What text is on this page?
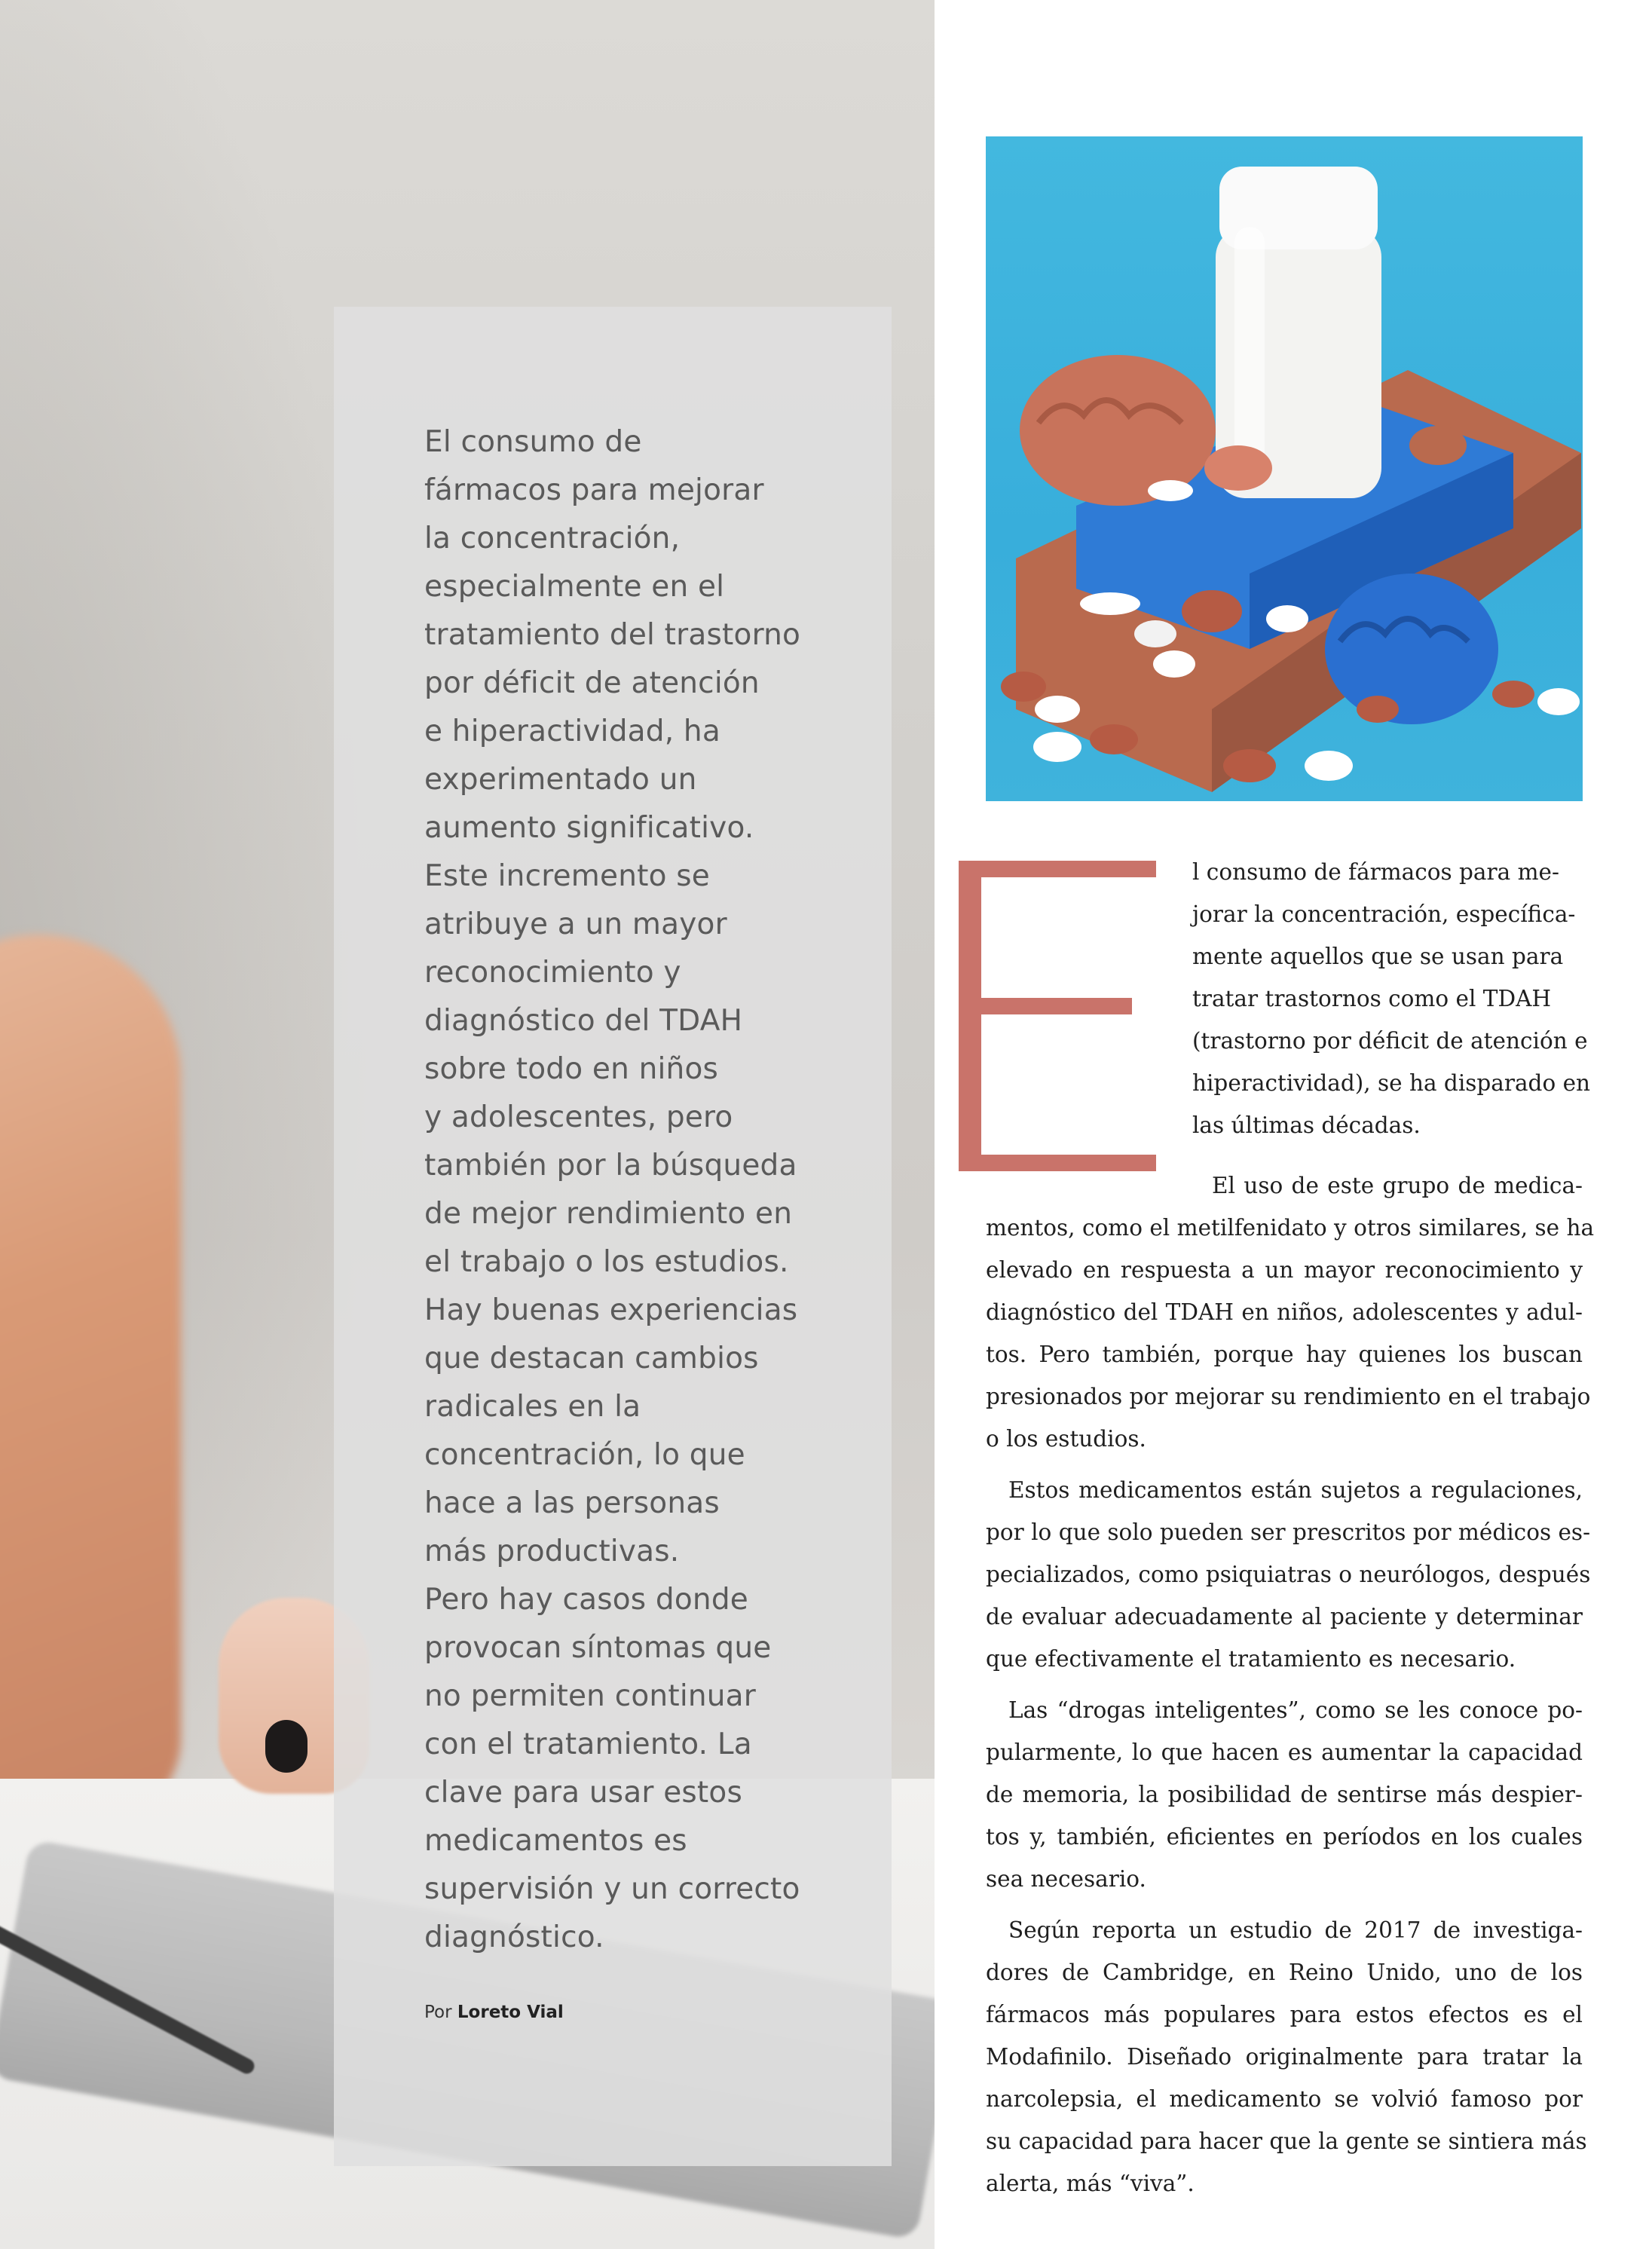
El consumo de
fármacos para mejorar
la concentración,
especialmente en el
tratamiento del trastorno
por déficit de atención
e hiperactividad, ha
experimentado un
aumento significativo.
Este incremento se
atribuye a un mayor
reconocimiento y
diagnóstico del TDAH
sobre todo en niños
y adolescentes, pero
también por la búsqueda
de mejor rendimiento en
el trabajo o los estudios.
Hay buenas experiencias
que destacan cambios
radicales en la
concentración, lo que
hace a las personas
más productivas.
Pero hay casos donde
provocan síntomas que
no permiten continuar
con el tratamiento. La
clave para usar estos
medicamentos es
supervisión y un correcto
diagnóstico.

Por Loreto Vial

l consumo de fármacos para me-
jorar la concentración, específica-
mente aquellos que se usan para
tratar trastornos como el TDAH
(trastorno por déficit de atención e
hiperactividad), se ha disparado en
las últimas décadas.
El uso de este grupo de medica-
mentos, como el metilfenidato y otros similares, se ha
elevado en respuesta a un mayor reconocimiento y
diagnóstico del TDAH en niños, adolescentes y adul-
tos. Pero también, porque hay quienes los buscan
presionados por mejorar su rendimiento en el trabajo
o los estudios.
Estos medicamentos están sujetos a regulaciones,
por lo que solo pueden ser prescritos por médicos es-
pecializados, como psiquiatras o neurólogos, después
de evaluar adecuadamente al paciente y determinar
que efectivamente el tratamiento es necesario.
Las “drogas inteligentes”, como se les conoce po-
pularmente, lo que hacen es aumentar la capacidad
de memoria, la posibilidad de sentirse más despier-
tos y, también, eficientes en períodos en los cuales
sea necesario.
Según reporta un estudio de 2017 de investiga-
dores de Cambridge, en Reino Unido, uno de los
fármacos más populares para estos efectos es el
Modafinilo. Diseñado originalmente para tratar la
narcolepsia, el medicamento se volvió famoso por
su capacidad para hacer que la gente se sintiera más
alerta, más “viva”.
